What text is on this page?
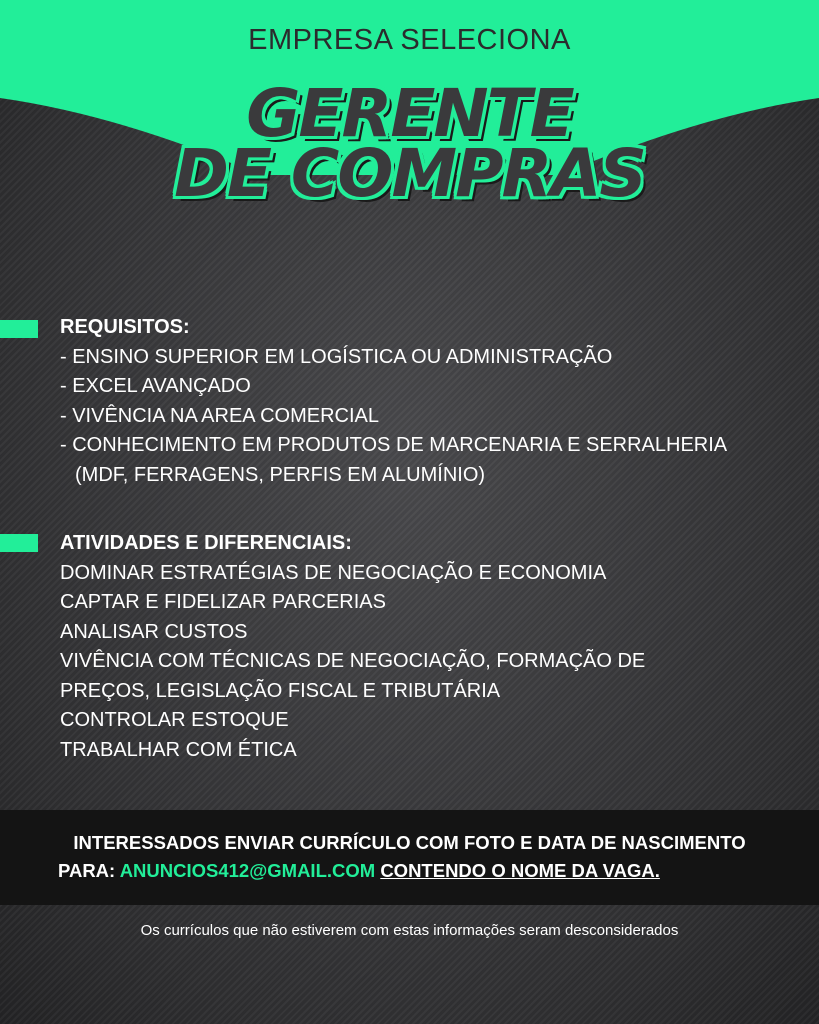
EMPRESA SELECIONA
GERENTE
DE COMPRAS
REQUISITOS:
- ENSINO SUPERIOR EM LOGÍSTICA OU ADMINISTRAÇÃO
- EXCEL AVANÇADO
- VIVÊNCIA NA AREA COMERCIAL
- CONHECIMENTO EM PRODUTOS DE MARCENARIA E SERRALHERIA
(MDF, FERRAGENS, PERFIS EM ALUMÍNIO)
ATIVIDADES E DIFERENCIAIS:
DOMINAR ESTRATÉGIAS DE NEGOCIAÇÃO E ECONOMIA
CAPTAR E FIDELIZAR PARCERIAS
ANALISAR CUSTOS
VIVÊNCIA COM TÉCNICAS DE NEGOCIAÇÃO, FORMAÇÃO DE
PREÇOS, LEGISLAÇÃO FISCAL E TRIBUTÁRIA
CONTROLAR ESTOQUE
TRABALHAR COM ÉTICA
INTERESSADOS ENVIAR CURRÍCULO COM FOTO E DATA DE NASCIMENTO
PARA: ANUNCIOS412@GMAIL.COM CONTENDO O NOME DA VAGA.
Os currículos que não estiverem com estas informações seram desconsiderados
